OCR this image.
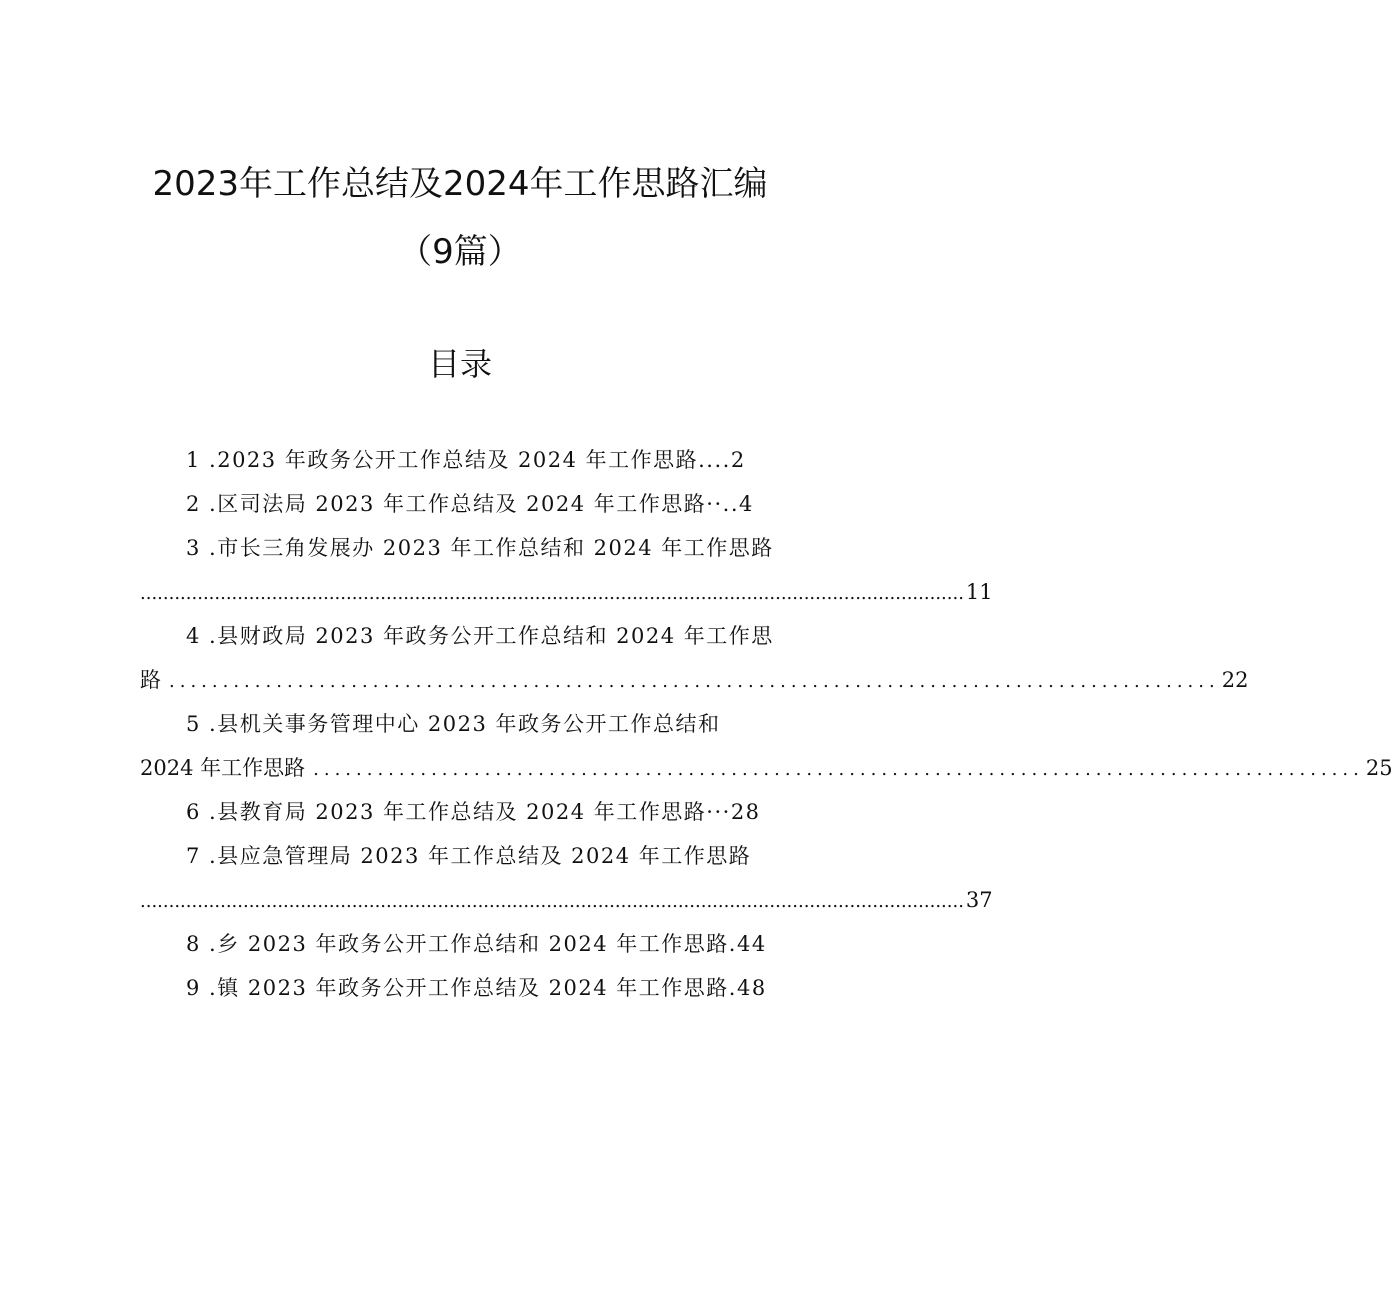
2023年工作总结及2024年工作思路汇编
（9篇）
目录
1 .2023 年政务公开工作总结及 2024 年工作思路....2
2 .区司法局 2023 年工作总结及 2024 年工作思路··..4
3 .市长三角发展办 2023 年工作总结和 2024 年工作思路
................................................................................................................................................ 11
4 .县财政局 2023 年政务公开工作总结和 2024 年工作思
路 .................................................................................................. 22
5 .县机关事务管理中心 2023 年政务公开工作总结和
2024 年工作思路 .................................................................................................. 25
6 .县教育局 2023 年工作总结及 2024 年工作思路···28
7 .县应急管理局 2023 年工作总结及 2024 年工作思路
................................................................................................................................................ 37
8 .乡 2023 年政务公开工作总结和 2024 年工作思路.44
9 .镇 2023 年政务公开工作总结及 2024 年工作思路.48
